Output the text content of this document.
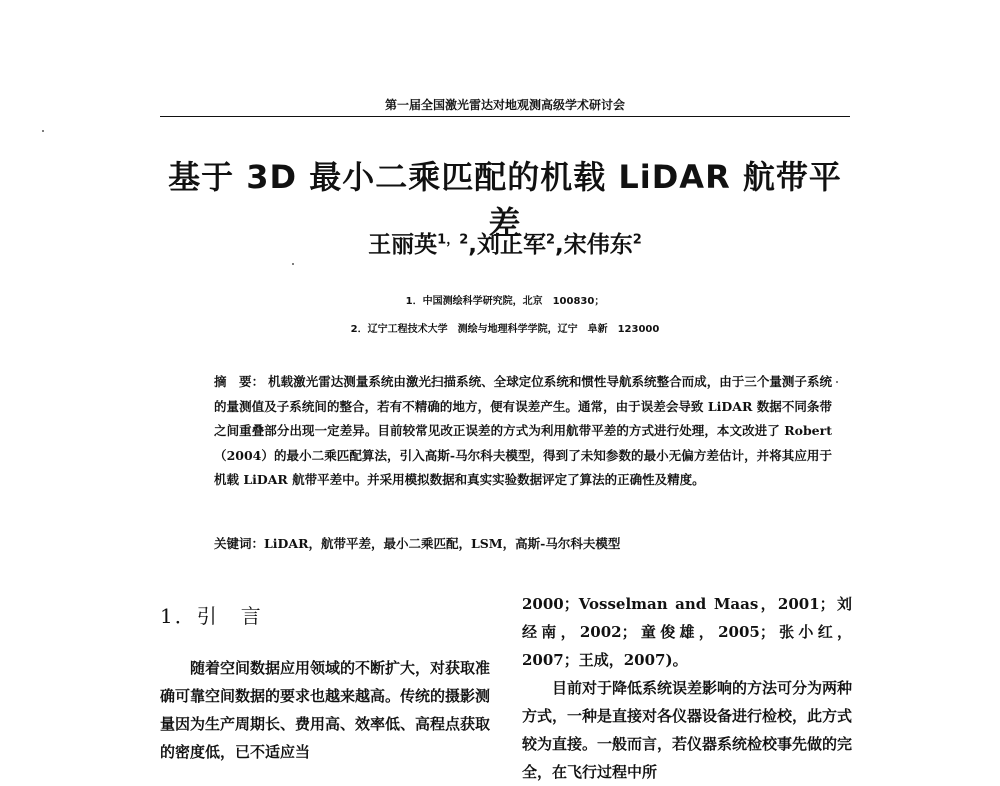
第一届全国激光雷达对地观测高级学术研讨会
基于 3D 最小二乘匹配的机载 LiDAR 航带平差
王丽英$^{1,2}$,刘正军$^2$,宋伟东$^2$
1．中国测绘科学研究院，北京　100830；
2．辽宁工程技术大学　测绘与地理科学学院，辽宁　阜新　123000
摘　要： 机载激光雷达测量系统由激光扫描系统、全球定位系统和惯性导航系统整合而成，由于三个量测子系统的量测值及子系统间的整合，若有不精确的地方，便有误差产生。通常，由于误差会导致 LiDAR 数据不同条带之间重叠部分出现一定差异。目前较常见改正误差的方式为利用航带平差的方式进行处理，本文改进了 Robert（2004）的最小二乘匹配算法，引入高斯-马尔科夫模型，得到了未知参数的最小无偏方差估计，并将其应用于机载 LiDAR 航带平差中。并采用模拟数据和真实实验数据评定了算法的正确性及精度。
关键词：LiDAR，航带平差，最小二乘匹配，LSM，高斯-马尔科夫模型
1．引　言

随着空间数据应用领域的不断扩大，对获取准确可靠空间数据的要求也越来越高。传统的摄影测量因为生产周期长、费用高、效率低、高程点获取的密度低，已不适应当

2000；Vosselman and Maas，2001；刘经南，2002；童俊雄，2005；张小红，2007；王成，2007)。

目前对于降低系统误差影响的方法可分为两种方式，一种是直接对各仪器设备进行检校，此方式较为直接。一般而言，若仪器系统检校事先做的完全，在飞行过程中所
